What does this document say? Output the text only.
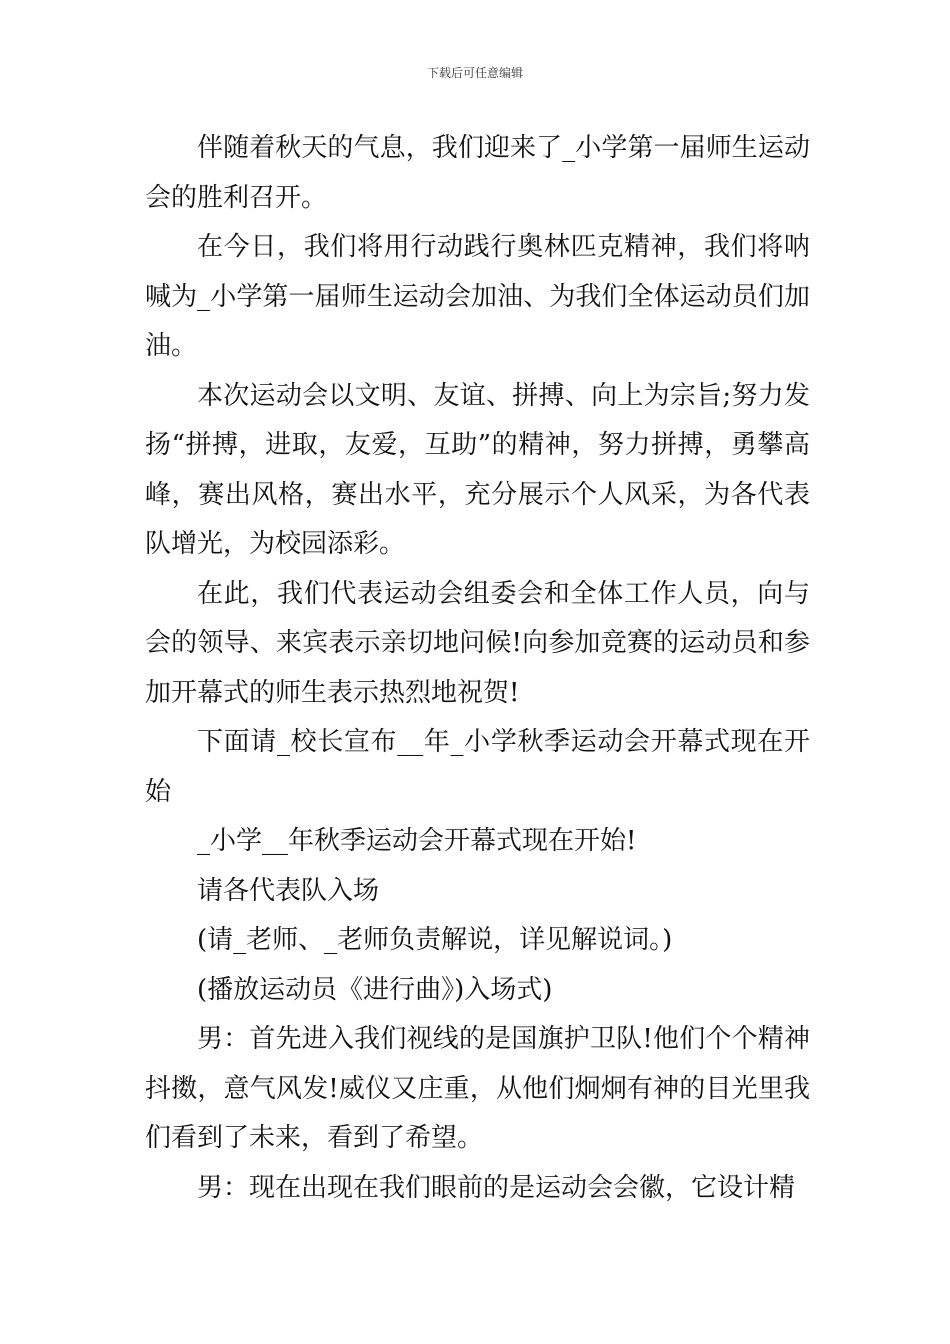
下载后可任意编辑

伴随着秋天的气息，我们迎来了_小学第一届师生运动会的胜利召开。

在今日，我们将用行动践行奥林匹克精神，我们将呐喊为_小学第一届师生运动会加油、为我们全体运动员们加油。

本次运动会以文明、友谊、拼搏、向上为宗旨;努力发扬“拼搏，进取，友爱，互助”的精神，努力拼搏，勇攀高峰，赛出风格，赛出水平，充分展示个人风采，为各代表队增光，为校园添彩。

在此，我们代表运动会组委会和全体工作人员，向与会的领导、来宾表示亲切地问候!向参加竞赛的运动员和参加开幕式的师生表示热烈地祝贺!

下面请_校长宣布__年_小学秋季运动会开幕式现在开始

_小学__年秋季运动会开幕式现在开始!

请各代表队入场

(请_老师、_老师负责解说，详见解说词。)

(播放运动员《进行曲》)入场式)

男：首先进入我们视线的是国旗护卫队!他们个个精神抖擞，意气风发!威仪又庄重，从他们炯炯有神的目光里我们看到了未来，看到了希望。

男：现在出现在我们眼前的是运动会会徽，它设计精
